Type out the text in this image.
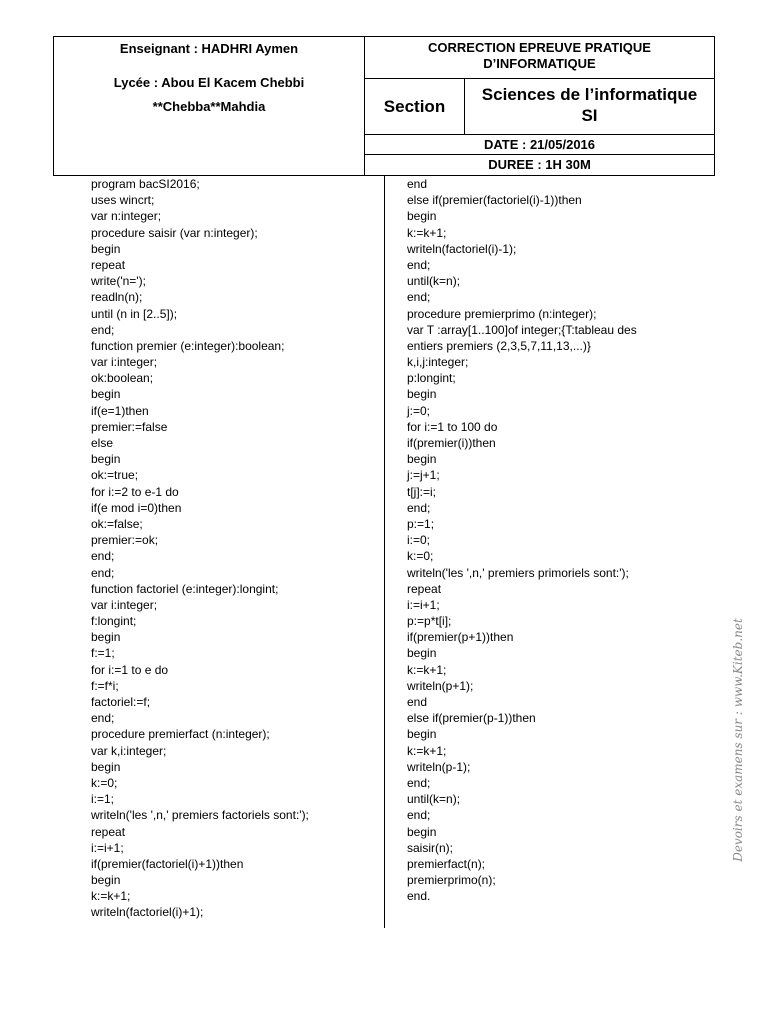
Enseignant : HADHRI Aymen
Lycée : Abou El Kacem Chebbi
**Chebba**Mahdia
CORRECTION EPREUVE PRATIQUE
D’INFORMATIQUE
Section
Sciences de l’informatique
SI
DATE : 21/05/2016
DUREE : 1H 30M
program bacSI2016;
uses wincrt;
var n:integer;
procedure saisir (var n:integer);
begin
repeat
write('n=');
readln(n);
until (n in [2..5]);
end;
function premier (e:integer):boolean;
var i:integer;
ok:boolean;
begin
if(e=1)then
premier:=false
else
begin
ok:=true;
for i:=2 to e-1 do
if(e mod i=0)then
ok:=false;
premier:=ok;
end;
end;
function factoriel (e:integer):longint;
var i:integer;
f:longint;
begin
f:=1;
for i:=1 to e do
f:=f*i;
factoriel:=f;
end;
procedure premierfact (n:integer);
var k,i:integer;
begin
k:=0;
i:=1;
writeln('les ',n,' premiers factoriels sont:');
repeat
i:=i+1;
if(premier(factoriel(i)+1))then
begin
k:=k+1;
writeln(factoriel(i)+1);
end
else if(premier(factoriel(i)-1))then
begin
k:=k+1;
writeln(factoriel(i)-1);
end;
until(k=n);
end;
procedure premierprimo (n:integer);
var T :array[1..100]of integer;{T:tableau des
entiers premiers (2,3,5,7,11,13,...)}
k,i,j:integer;
p:longint;
begin
j:=0;
for i:=1 to 100 do
if(premier(i))then
begin
j:=j+1;
t[j]:=i;
end;
p:=1;
i:=0;
k:=0;
writeln('les ',n,' premiers primoriels sont:');
repeat
i:=i+1;
p:=p*t[i];
if(premier(p+1))then
begin
k:=k+1;
writeln(p+1);
end
else if(premier(p-1))then
begin
k:=k+1;
writeln(p-1);
end;
until(k=n);
end;
begin
saisir(n);
premierfact(n);
premierprimo(n);
end.
Devoirs et examens sur : www.Kiteb.net
